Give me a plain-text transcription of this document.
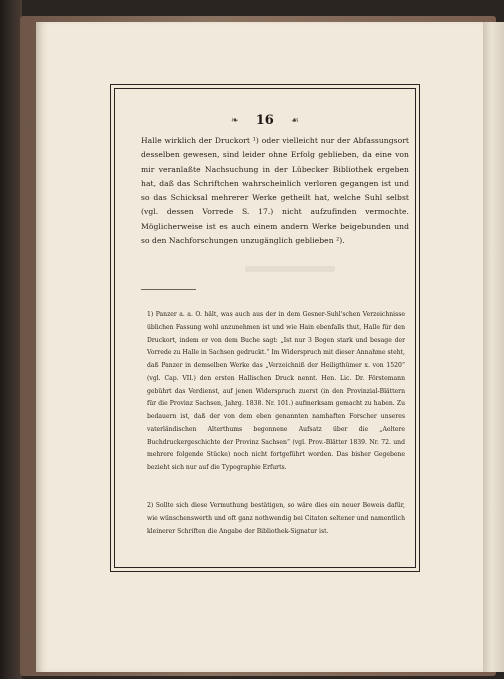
❧ 16 ☙

Halle wirklich der Druckort ¹) oder vielleicht nur der Abfassungsort desselben gewesen, sind leider ohne Erfolg geblieben, da eine von mir veranlaßte Nachsuchung in der Lübecker Bibliothek ergeben hat, daß das Schriftchen wahrscheinlich verloren gegangen ist und so das Schicksal mehrerer Werke getheilt hat, welche Suhl selbst (vgl. dessen Vorrede S. 17.) nicht aufzufinden vermochte. Möglicherweise ist es auch einem andern Werke beigebunden und so den Nachforschungen unzugänglich geblieben ²).

1) Panzer a. a. O. hält, was auch aus der in dem Gesner-Suhl'schen Verzeichnisse üblichen Fassung wohl anzunehmen ist und wie Hain ebenfalls thut, Halle für den Druckort, indem er von dem Buche sagt: „Ist nur 3 Bogen stark und besage der Vorrede zu Halle in Sachsen gedruckt.“ Im Widerspruch mit dieser Annahme steht, daß Panzer in demselben Werke das „Verzeichniß der Heiligthümer x. von 1520“ (vgl. Cap. VII.) den ersten Hallischen Druck nennt. Hen. Lic. Dr. Förstemann gebührt das Verdienst, auf jenen Widerspruch zuerst (in den Provinzial-Blättern für die Provinz Sachsen, Jahrg. 1838. Nr. 101.) aufmerksam gemacht zu haben. Zu bedauern ist, daß der von dem eben genannten namhaften Forscher unseres vaterländischen Alterthums begonnene Aufsatz über die „Aeltere Buchdruckergeschichte der Provinz Sachsen“ (vgl. Prov.-Blätter 1839. Nr. 72. und mehrere folgende Stücke) noch nicht fortgeführt worden. Das bisher Gegebene bezieht sich nur auf die Typographie Erfurts.

2) Sollte sich diese Vermuthung bestätigen, so wäre dies ein neuer Beweis dafür, wie wünschenswerth und oft ganz nothwendig bei Citaten seltener und namentlich kleinerer Schriften die Angabe der Bibliothek-Signatur ist.
